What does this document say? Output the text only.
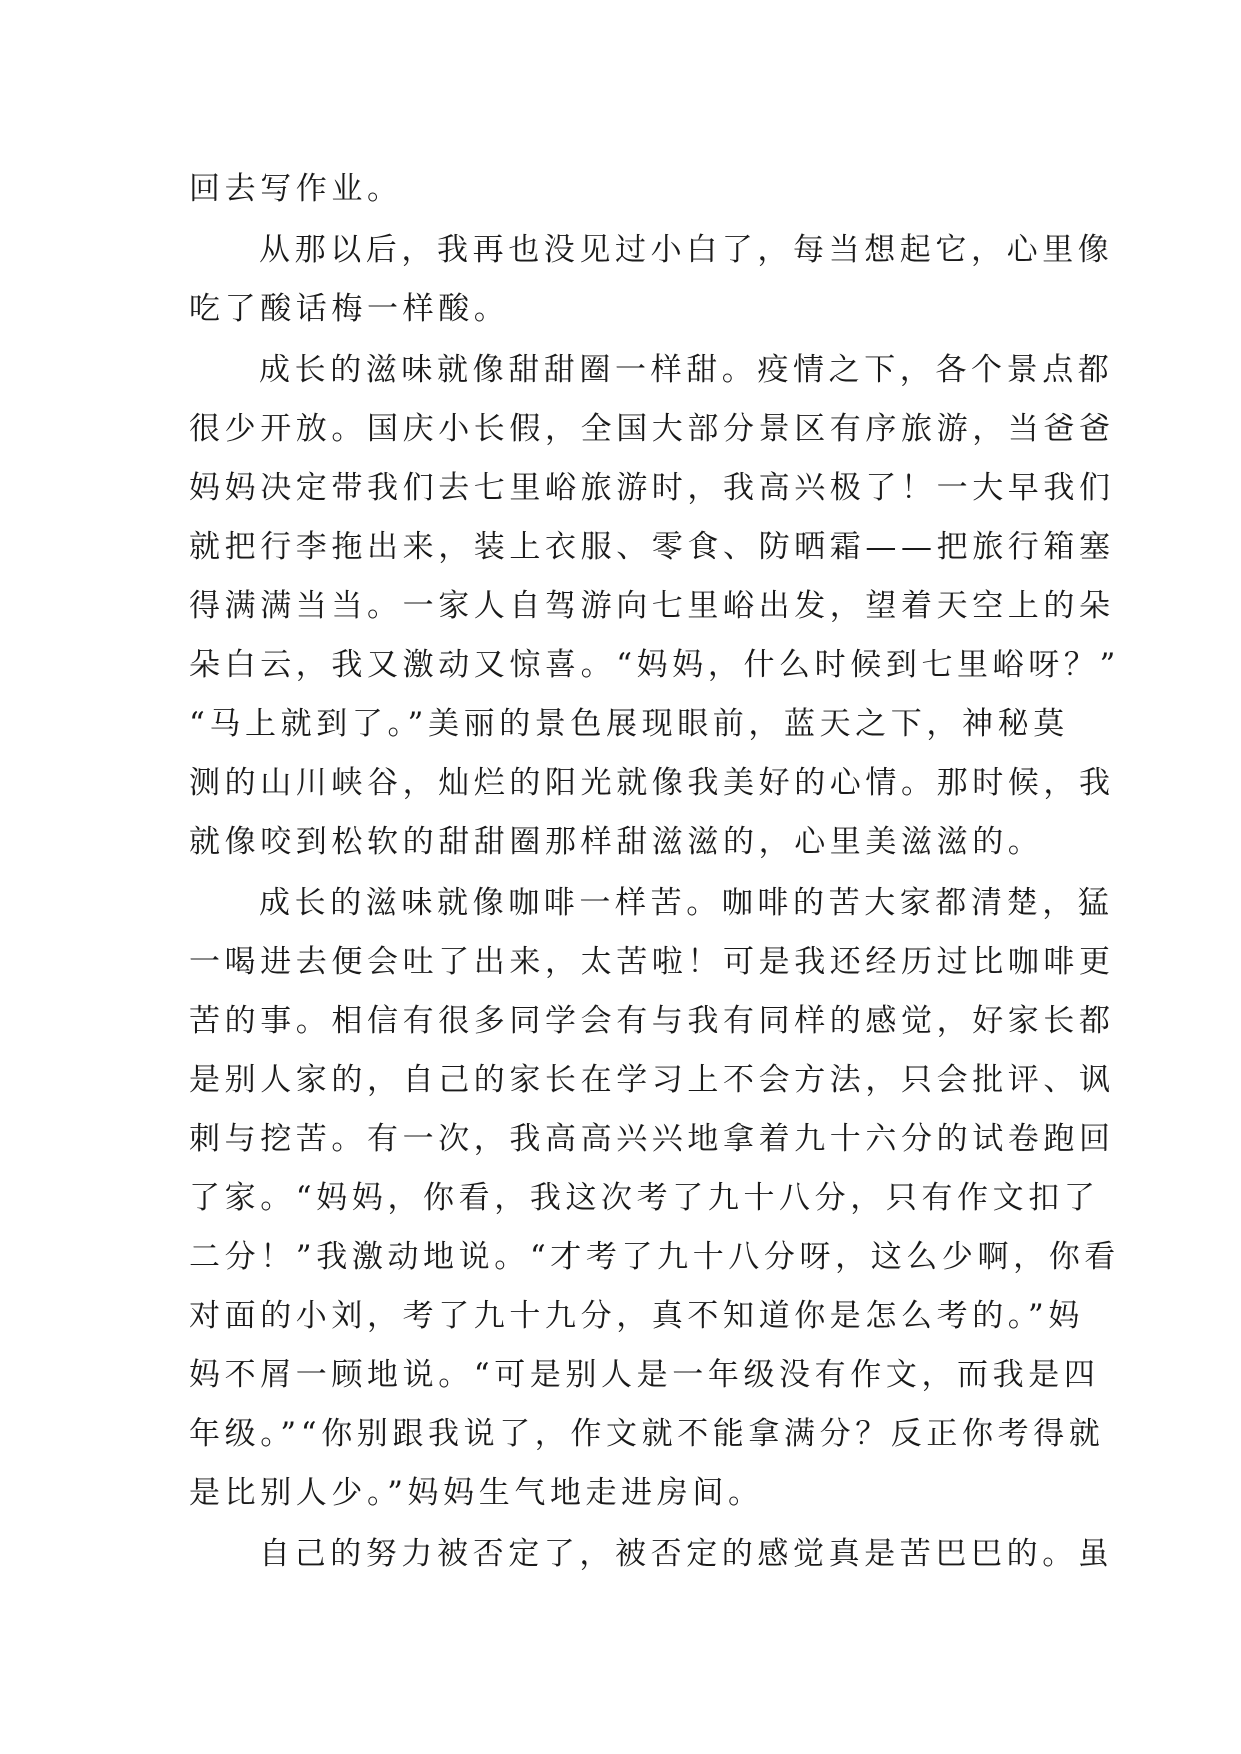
回去写作业。
从那以后，我再也没见过小白了，每当想起它，心里像
吃了酸话梅一样酸。
成长的滋味就像甜甜圈一样甜。疫情之下，各个景点都
很少开放。国庆小长假，全国大部分景区有序旅游，当爸爸
妈妈决定带我们去七里峪旅游时，我高兴极了！一大早我们
就把行李拖出来，装上衣服、零食、防晒霜——把旅行箱塞
得满满当当。一家人自驾游向七里峪出发，望着天空上的朵
朵白云，我又激动又惊喜。“妈妈，什么时候到七里峪呀？”
“马上就到了。”美丽的景色展现眼前，蓝天之下，神秘莫
测的山川峡谷，灿烂的阳光就像我美好的心情。那时候，我
就像咬到松软的甜甜圈那样甜滋滋的，心里美滋滋的。
成长的滋味就像咖啡一样苦。咖啡的苦大家都清楚，猛
一喝进去便会吐了出来，太苦啦！可是我还经历过比咖啡更
苦的事。相信有很多同学会有与我有同样的感觉，好家长都
是别人家的，自己的家长在学习上不会方法，只会批评、讽
刺与挖苦。有一次，我高高兴兴地拿着九十六分的试卷跑回
了家。“妈妈，你看，我这次考了九十八分，只有作文扣了
二分！”我激动地说。“才考了九十八分呀，这么少啊，你看
对面的小刘，考了九十九分，真不知道你是怎么考的。”妈
妈不屑一顾地说。“可是别人是一年级没有作文，而我是四
年级。”“你别跟我说了，作文就不能拿满分？反正你考得就
是比别人少。”妈妈生气地走进房间。
自己的努力被否定了，被否定的感觉真是苦巴巴的。虽
